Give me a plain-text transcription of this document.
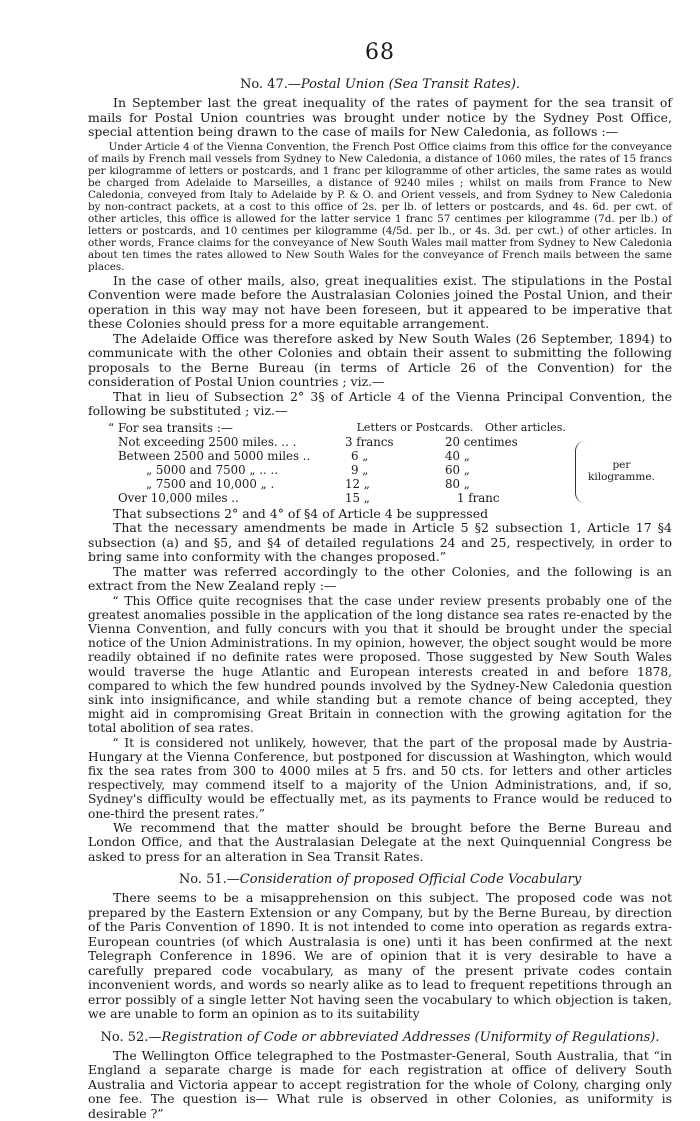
68
No. 47.—Postal Union (Sea Transit Rates).

In September last the great inequality of the rates of payment for the sea transit of mails for Postal Union countries was brought under notice by the Sydney Post Office, special attention being drawn to the case of mails for New Caledonia, as follows :—

Under Article 4 of the Vienna Convention, the French Post Office claims from this office for the conveyance of mails by French mail vessels from Sydney to New Caledonia, a distance of 1060 miles, the rates of 15 francs per kilogramme of letters or postcards, and 1 franc per kilogramme of other articles, the same rates as would be charged from Adelaide to Marseilles, a distance of 9240 miles ; whilst on mails from France to New Caledonia, conveyed from Italy to Adelaide by P. & O. and Orient vessels, and from Sydney to New Caledonia by non-contract packets, at a cost to this office of 2s. per lb. of letters or postcards, and 4s. 6d. per cwt. of other articles, this office is allowed for the latter service 1 franc 57 centimes per kilogramme (7d. per lb.) of letters or postcards, and 10 centimes per kilogramme (4/5d. per lb., or 4s. 3d. per cwt.) of other articles. In other words, France claims for the conveyance of New South Wales mail matter from Sydney to New Caledonia about ten times the rates allowed to New South Wales for the conveyance of French mails between the same places.

In the case of other mails, also, great inequalities exist. The stipulations in the Postal Convention were made before the Australasian Colonies joined the Postal Union, and their operation in this way may not have been foreseen, but it appeared to be imperative that these Colonies should press for a more equitable arrangement.

The Adelaide Office was therefore asked by New South Wales (26 September, 1894) to communicate with the other Colonies and obtain their assent to submitting the following proposals to the Berne Bureau (in terms of Article 26 of the Convention) for the consideration of Postal Union countries ; viz.—

That in lieu of Subsection 2° 3§ of Article 4 of the Vienna Principal Convention, the following be substituted ; viz.—

“ For sea transits :—	Letters or Postcards.	Other articles.
Not exceeding 2500 miles. .. .	3 francs	20 centimes
Between 2500 and 5000 miles ..	6 „	40 „
„ 5000 and 7500 „ .. ..	9 „	60 „
„ 7500 and 10,000 „ .	12 „	80 „
Over 10,000 miles ..	15 „	1 franc
per
kilogramme.

That subsections 2° and 4° of §4 of Article 4 be suppressed

That the necessary amendments be made in Article 5 §2 subsection 1, Article 17 §4 subsection (a) and §5, and §4 of detailed regulations 24 and 25, respectively, in order to bring same into conformity with the changes proposed.”

The matter was referred accordingly to the other Colonies, and the following is an extract from the New Zealand reply :—

“ This Office quite recognises that the case under review presents probably one of the greatest anomalies possible in the application of the long distance sea rates re-enacted by the Vienna Convention, and fully concurs with you that it should be brought under the special notice of the Union Administrations. In my opinion, however, the object sought would be more readily obtained if no definite rates were proposed. Those suggested by New South Wales would traverse the huge Atlantic and European interests created in and before 1878, compared to which the few hundred pounds involved by the Sydney-New Caledonia question sink into insignificance, and while standing but a remote chance of being accepted, they might aid in compromising Great Britain in connection with the growing agitation for the total abolition of sea rates.

“ It is considered not unlikely, however, that the part of the proposal made by Austria-Hungary at the Vienna Conference, but postponed for discussion at Washington, which would fix the sea rates from 300 to 4000 miles at 5 frs. and 50 cts. for letters and other articles respectively, may commend itself to a majority of the Union Administrations, and, if so, Sydney's difficulty would be effectually met, as its payments to France would be reduced to one-third the present rates.”

We recommend that the matter should be brought before the Berne Bureau and London Office, and that the Australasian Delegate at the next Quinquennial Congress be asked to press for an alteration in Sea Transit Rates.

No. 51.—Consideration of proposed Official Code Vocabulary

There seems to be a misapprehension on this subject. The proposed code was not prepared by the Eastern Extension or any Company, but by the Berne Bureau, by direction of the Paris Convention of 1890. It is not intended to come into operation as regards extra-European countries (of which Australasia is one) unti it has been confirmed at the next Telegraph Conference in 1896. We are of opinion that it is very desirable to have a carefully prepared code vocabulary, as many of the present private codes contain inconvenient words, and words so nearly alike as to lead to frequent repetitions through an error possibly of a single letter Not having seen the vocabulary to which objection is taken, we are unable to form an opinion as to its suitability

No. 52.—Registration of Code or abbreviated Addresses (Uniformity of Regulations).

The Wellington Office telegraphed to the Postmaster-General, South Australia, that “in England a separate charge is made for each registration at office of delivery South Australia and Victoria appear to accept registration for the whole of Colony, charging only one fee. The question is— What rule is observed in other Colonies, as uniformity is desirable ?”
